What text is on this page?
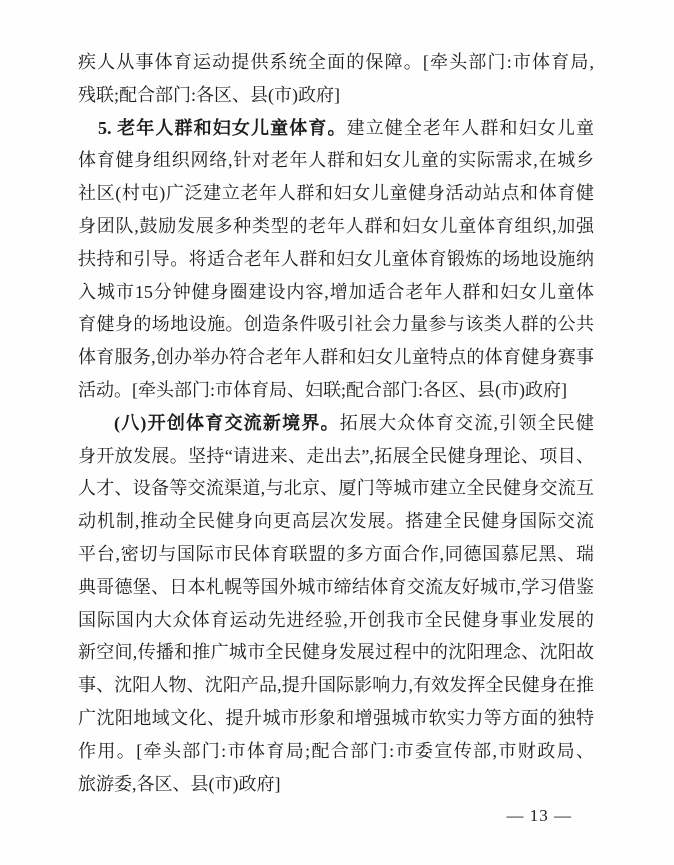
疾人从事体育运动提供系统全面的保障。[牵头部门:市体育局,
残联;配合部门:各区、县(市)政府]
5. 老年人群和妇女儿童体育。建立健全老年人群和妇女儿童
体育健身组织网络,针对老年人群和妇女儿童的实际需求,在城乡
社区(村屯)广泛建立老年人群和妇女儿童健身活动站点和体育健
身团队,鼓励发展多种类型的老年人群和妇女儿童体育组织,加强
扶持和引导。将适合老年人群和妇女儿童体育锻炼的场地设施纳
入城市15分钟健身圈建设内容,增加适合老年人群和妇女儿童体
育健身的场地设施。创造条件吸引社会力量参与该类人群的公共
体育服务,创办举办符合老年人群和妇女儿童特点的体育健身赛事
活动。[牵头部门:市体育局、妇联;配合部门:各区、县(市)政府]
(八)开创体育交流新境界。拓展大众体育交流,引领全民健
身开放发展。坚持“请进来、走出去”,拓展全民健身理论、项目、
人才、设备等交流渠道,与北京、厦门等城市建立全民健身交流互
动机制,推动全民健身向更高层次发展。搭建全民健身国际交流
平台,密切与国际市民体育联盟的多方面合作,同德国慕尼黑、瑞
典哥德堡、日本札幌等国外城市缔结体育交流友好城市,学习借鉴
国际国内大众体育运动先进经验,开创我市全民健身事业发展的
新空间,传播和推广城市全民健身发展过程中的沈阳理念、沈阳故
事、沈阳人物、沈阳产品,提升国际影响力,有效发挥全民健身在推
广沈阳地域文化、提升城市形象和增强城市软实力等方面的独特
作用。[牵头部门:市体育局;配合部门:市委宣传部,市财政局、
旅游委,各区、县(市)政府]
— 13 —
